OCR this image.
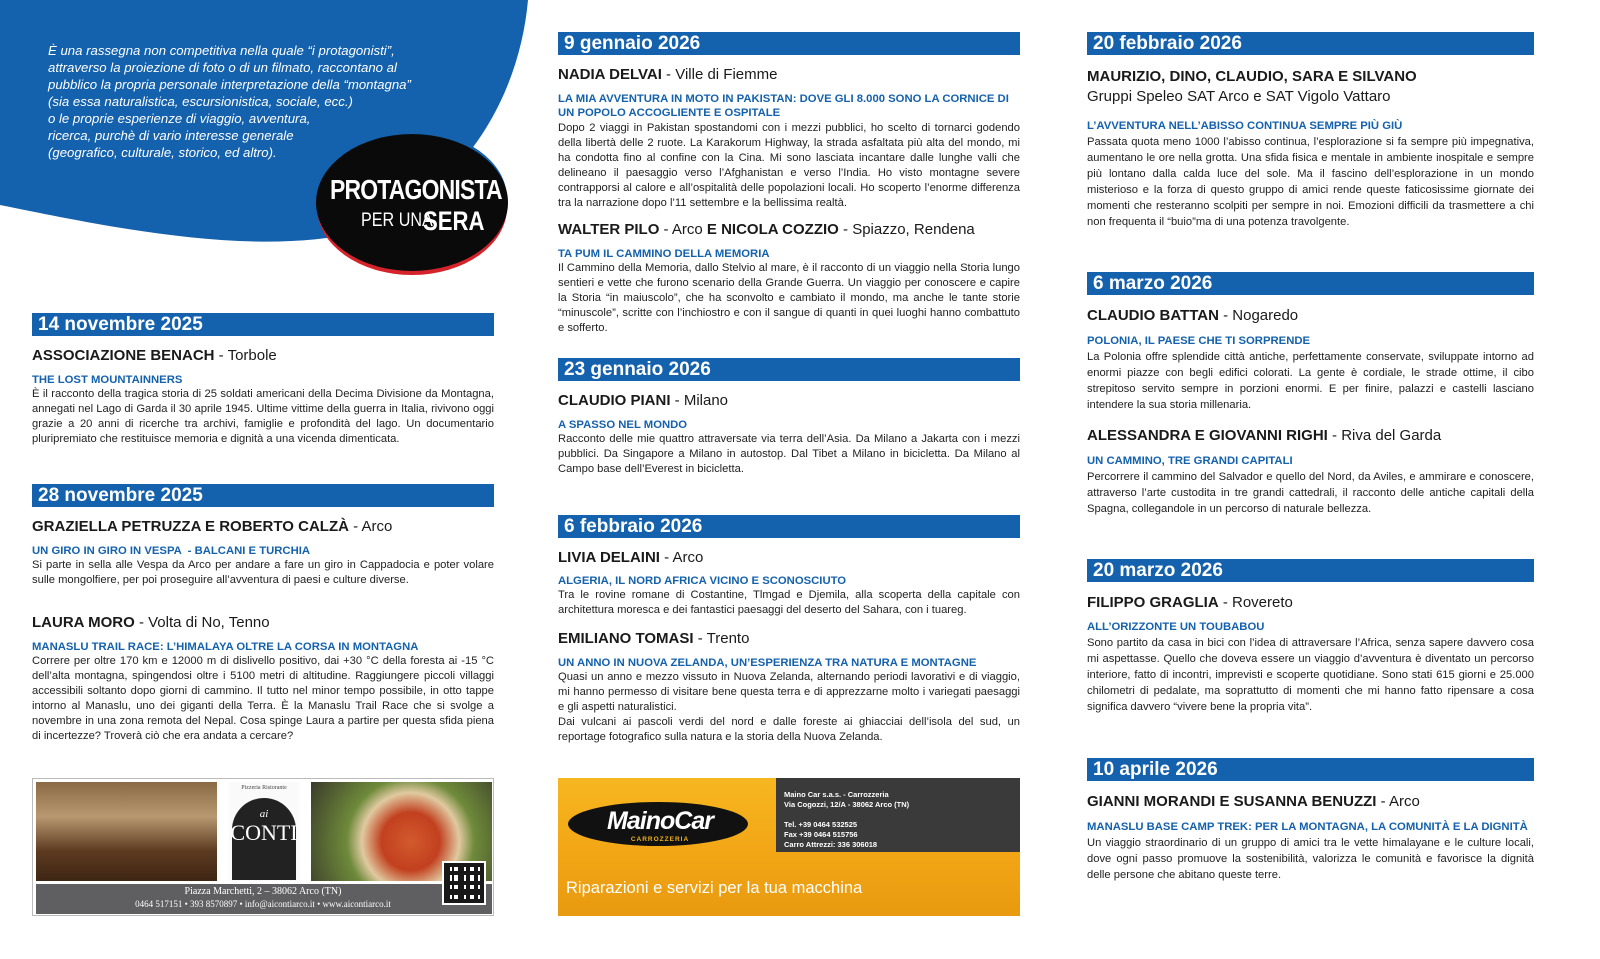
È una rassegna non competitiva nella quale “i protagonisti”,
attraverso la proiezione di foto o di un filmato, raccontano al
pubblico la propria personale interpretazione della “montagna”
(sia essa naturalistica, escursionistica, sociale, ecc.)
o le proprie esperienze di viaggio, avventura,
ricerca, purchè di vario interesse generale
(geografico, culturale, storico, ed altro).
PROTAGONISTA
PER UNA
SERA
14 novembre 2025
ASSOCIAZIONE BENACH - Torbole
THE LOST MOUNTAINNERS
È il racconto della tragica storia di 25 soldati americani della Decima Divisione da Montagna, annegati nel Lago di Garda il 30 aprile 1945. Ultime vittime della guerra in Italia, rivivono oggi grazie a 20 anni di ricerche tra archivi, famiglie e profondità del lago. Un documentario pluripremiato che restituisce memoria e dignità a una vicenda dimenticata.
28 novembre 2025
GRAZIELLA PETRUZZA E ROBERTO CALZÀ - Arco
UN GIRO IN GIRO IN VESPA  - BALCANI E TURCHIA
Si parte in sella alle Vespa da Arco per andare a fare un giro in Cappadocia e poter volare sulle mongolfiere, per poi proseguire all’avventura di paesi e culture diverse.
LAURA MORO - Volta di No, Tenno
MANASLU TRAIL RACE: L’HIMALAYA OLTRE LA CORSA IN MONTAGNA
Correre per oltre 170 km e 12000 m di dislivello positivo, dai +30 °C della foresta ai -15 °C dell’alta montagna, spingendosi oltre i 5100 metri di altitudine. Raggiungere piccoli villaggi accessibili soltanto dopo giorni di cammino. Il tutto nel minor tempo possibile, in otto tappe intorno al Manaslu, uno dei giganti della Terra. È la Manaslu Trail Race che si svolge a novembre in una zona remota del Nepal. Cosa spinge Laura a partire per questa sfida piena di incertezze? Troverà ciò che era andata a cercare?
Pizzeria Ristorante
ai
CONTI
Piazza Marchetti, 2 – 38062 Arco (TN)
0464 517151 • 393 8570897 • info@aicontiarco.it • www.aicontiarco.it
9 gennaio 2026
NADIA DELVAI - Ville di Fiemme
LA MIA AVVENTURA IN MOTO IN PAKISTAN: DOVE GLI 8.000 SONO LA CORNICE DI UN POPOLO ACCOGLIENTE E OSPITALE
Dopo 2 viaggi in Pakistan spostandomi con i mezzi pubblici, ho scelto di tornarci godendo della libertà delle 2 ruote. La Karakorum Highway, la strada asfaltata più alta del mondo, mi ha condotta fino al confine con la Cina. Mi sono lasciata incantare dalle lunghe valli che delineano il paesaggio verso l’Afghanistan e verso l’India. Ho visto montagne severe contrapporsi al calore e all’ospitalità delle popolazioni locali. Ho scoperto l’enorme differenza tra la narrazione dopo l’11 settembre e la bellissima realtà.
WALTER PILO - Arco E NICOLA COZZIO - Spiazzo, Rendena
TA PUM IL CAMMINO DELLA MEMORIA
Il Cammino della Memoria, dallo Stelvio al mare, è il racconto di un viaggio nella Storia lungo sentieri e vette che furono scenario della Grande Guerra. Un viaggio per conoscere e capire la Storia “in maiuscolo”, che ha sconvolto e cambiato il mondo, ma anche le tante storie “minuscole”, scritte con l’inchiostro e con il sangue di quanti in quei luoghi hanno combattuto e sofferto.
23 gennaio 2026
CLAUDIO PIANI - Milano
A SPASSO NEL MONDO
Racconto delle mie quattro attraversate via terra dell’Asia. Da Milano a Jakarta con i mezzi pubblici. Da Singapore a Milano in autostop. Dal Tibet a Milano in bicicletta. Da Milano al Campo base dell’Everest in bicicletta.
6 febbraio 2026
LIVIA DELAINI - Arco
ALGERIA, IL NORD AFRICA VICINO E SCONOSCIUTO
Tra le rovine romane di Costantine, Tlmgad e Djemila, alla scoperta della capitale con architettura moresca e dei fantastici paesaggi del deserto del Sahara, con i tuareg.
EMILIANO TOMASI - Trento
UN ANNO IN NUOVA ZELANDA, UN’ESPERIENZA TRA NATURA E MONTAGNE
Quasi un anno e mezzo vissuto in Nuova Zelanda, alternando periodi lavorativi e di viaggio, mi hanno permesso di visitare bene questa terra e di apprezzarne molto i variegati paesaggi e gli aspetti naturalistici.
Dai vulcani ai pascoli verdi del nord e dalle foreste ai ghiacciai dell’isola del sud, un reportage fotografico sulla natura e la storia della Nuova Zelanda.
Maino Car s.a.s. - Carrozzeria
Via Cogozzi, 12/A - 38062 Arco (TN)

Tel. +39 0464 532525
Fax +39 0464 515756
Carro Attrezzi: 336 306018
MainoCar
CARROZZERIA
Riparazioni e servizi per la tua macchina
20 febbraio 2026
MAURIZIO, DINO, CLAUDIO, SARA E SILVANO
Gruppi Speleo SAT Arco e SAT Vigolo Vattaro
L’AVVENTURA NELL’ABISSO CONTINUA SEMPRE PIÙ GIÙ
Passata quota meno 1000 l’abisso continua, l’esplorazione si fa sempre più impegnativa, aumentano le ore nella grotta. Una sfida fisica e mentale in ambiente inospitale e sempre più lontano dalla calda luce del sole. Ma il fascino dell’esplorazione in un mondo misterioso e la forza di questo gruppo di amici rende queste faticosissime giornate dei momenti che resteranno scolpiti per sempre in noi. Emozioni difficili da trasmettere a chi non frequenta il “buio”ma di una potenza travolgente.
6 marzo 2026
CLAUDIO BATTAN - Nogaredo
POLONIA, IL PAESE CHE TI SORPRENDE
La Polonia offre splendide città antiche, perfettamente conservate, sviluppate intorno ad enormi piazze con begli edifici colorati. La gente è cordiale, le strade ottime, il cibo strepitoso servito sempre in porzioni enormi. E per finire, palazzi e castelli lasciano intendere la sua storia millenaria.
ALESSANDRA E GIOVANNI RIGHI - Riva del Garda
UN CAMMINO, TRE GRANDI CAPITALI
Percorrere il cammino del Salvador e quello del Nord, da Aviles, e ammirare e conoscere, attraverso l’arte custodita in tre grandi cattedrali, il racconto delle antiche capitali della Spagna, collegandole in un percorso di naturale bellezza.
20 marzo 2026
FILIPPO GRAGLIA - Rovereto
ALL’ORIZZONTE UN TOUBABOU
Sono partito da casa in bici con l’idea di attraversare l’Africa, senza sapere davvero cosa mi aspettasse. Quello che doveva essere un viaggio d’avventura è diventato un percorso interiore, fatto di incontri, imprevisti e scoperte quotidiane. Sono stati 615 giorni e 25.000 chilometri di pedalate, ma soprattutto di momenti che mi hanno fatto ripensare a cosa significa davvero “vivere bene la propria vita”.
10 aprile 2026
GIANNI MORANDI E SUSANNA BENUZZI - Arco
MANASLU BASE CAMP TREK: PER LA MONTAGNA, LA COMUNITÀ E LA DIGNITÀ
Un viaggio straordinario di un gruppo di amici tra le vette himalayane e le culture locali, dove ogni passo promuove la sostenibilità, valorizza le comunità e favorisce la dignità delle persone che abitano queste terre.
